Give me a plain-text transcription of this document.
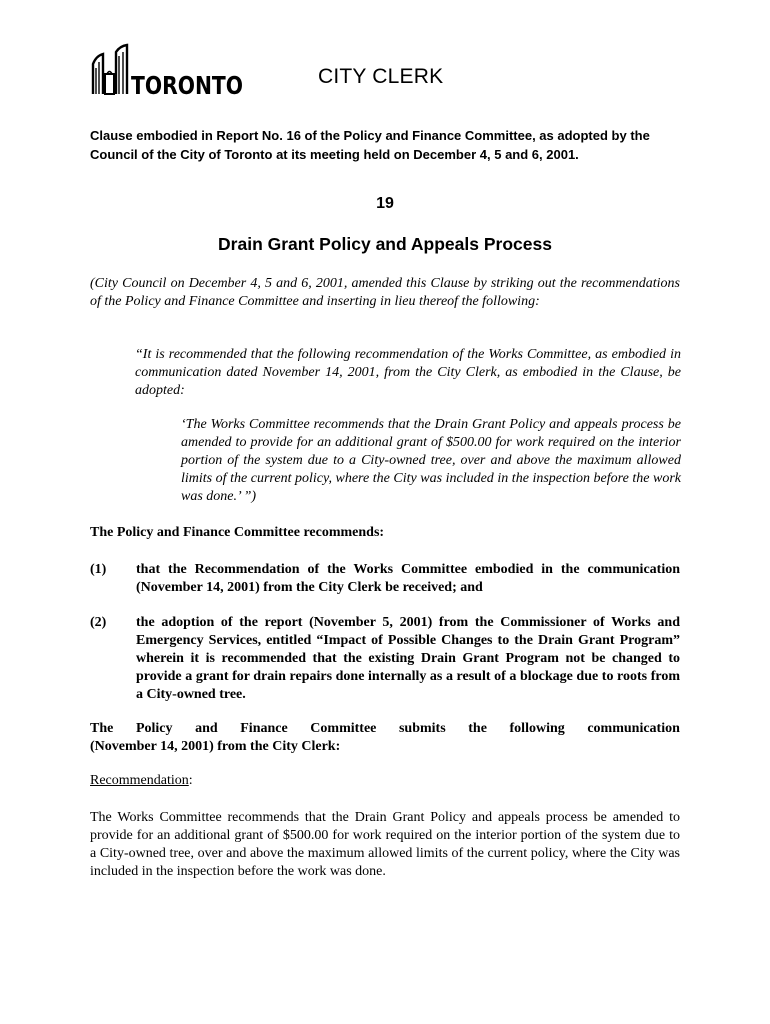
TORONTO	CITY CLERK
Clause embodied in Report No. 16 of the Policy and Finance Committee, as adopted by the Council of the City of Toronto at its meeting held on December 4, 5 and 6, 2001.
19
Drain Grant Policy and Appeals Process
(City Council on December 4, 5 and 6, 2001, amended this Clause by striking out the recommendations of the Policy and Finance Committee and inserting in lieu thereof the following:
“It is recommended that the following recommendation of the Works Committee, as embodied in communication dated November 14, 2001, from the City Clerk, as embodied in the Clause, be adopted:
‘The Works Committee recommends that the Drain Grant Policy and appeals process be amended to provide for an additional grant of $500.00 for work required on the interior portion of the system due to a City-owned tree, over and above the maximum allowed limits of the current policy, where the City was included in the inspection before the work was done.’ ”)
The Policy and Finance Committee recommends:
(1)	that the Recommendation of the Works Committee embodied in the communication (November 14, 2001) from the City Clerk be received; and
(2)	the adoption of the report (November 5, 2001) from the Commissioner of Works and Emergency Services, entitled “Impact of Possible Changes to the Drain Grant Program” wherein it is recommended that the existing Drain Grant Program not be changed to provide a grant for drain repairs done internally as a result of a blockage due to roots from a City-owned tree.
The Policy and Finance Committee submits the following communication
(November 14, 2001) from the City Clerk:
Recommendation:
The Works Committee recommends that the Drain Grant Policy and appeals process be amended to provide for an additional grant of $500.00 for work required on the interior portion of the system due to a City-owned tree, over and above the maximum allowed limits of the current policy, where the City was included in the inspection before the work was done.
